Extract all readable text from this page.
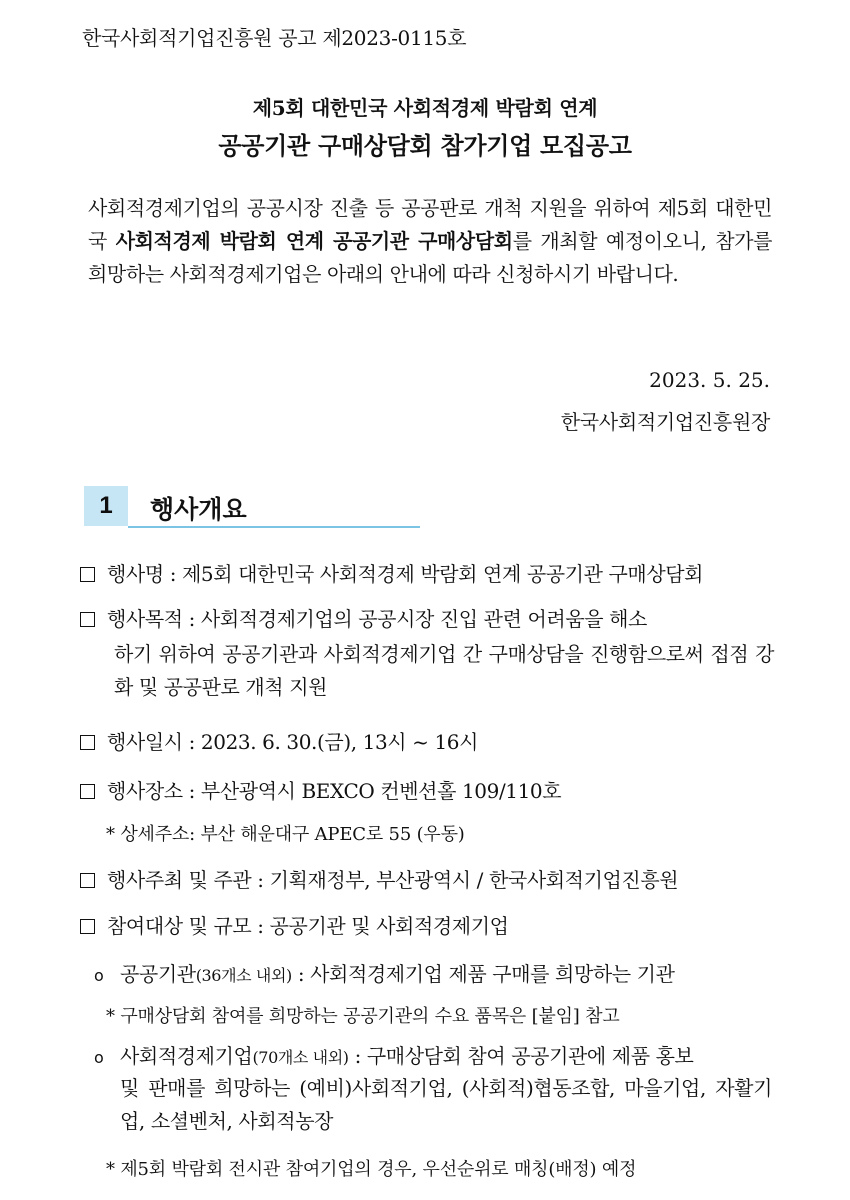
한국사회적기업진흥원 공고 제2023-0115호
제5회 대한민국 사회적경제 박람회 연계
공공기관 구매상담회 참가기업 모집공고
사회적경제기업의 공공시장 진출 등 공공판로 개척 지원을 위하여 제5회 대한민국 사회적경제 박람회 연계 공공기관 구매상담회를 개최할 예정이오니, 참가를 희망하는 사회적경제기업은 아래의 안내에 따라 신청하시기 바랍니다.
2023. 5. 25.
한국사회적기업진흥원장
1	행사개요
행사명 : 제5회 대한민국 사회적경제 박람회 연계 공공기관 구매상담회
행사목적 : 사회적경제기업의 공공시장 진입 관련 어려움을 해소
하기 위하여 공공기관과 사회적경제기업 간 구매상담을 진행함으로써 접점 강화 및 공공판로 개척 지원
행사일시 : 2023. 6. 30.(금), 13시 ~ 16시
행사장소 : 부산광역시 BEXCO 컨벤션홀 109/110호
* 상세주소: 부산 해운대구 APEC로 55 (우동)
행사주최 및 주관 : 기획재정부, 부산광역시 / 한국사회적기업진흥원
참여대상 및 규모 : 공공기관 및 사회적경제기업
o 공공기관(36개소 내외) : 사회적경제기업 제품 구매를 희망하는 기관
* 구매상담회 참여를 희망하는 공공기관의 수요 품목은 [붙임] 참고
o 사회적경제기업(70개소 내외) : 구매상담회 참여 공공기관에 제품 홍보
및 판매를 희망하는 (예비)사회적기업, (사회적)협동조합, 마을기업, 자활기업, 소셜벤처, 사회적농장
* 제5회 박람회 전시관 참여기업의 경우, 우선순위로 매칭(배정) 예정
